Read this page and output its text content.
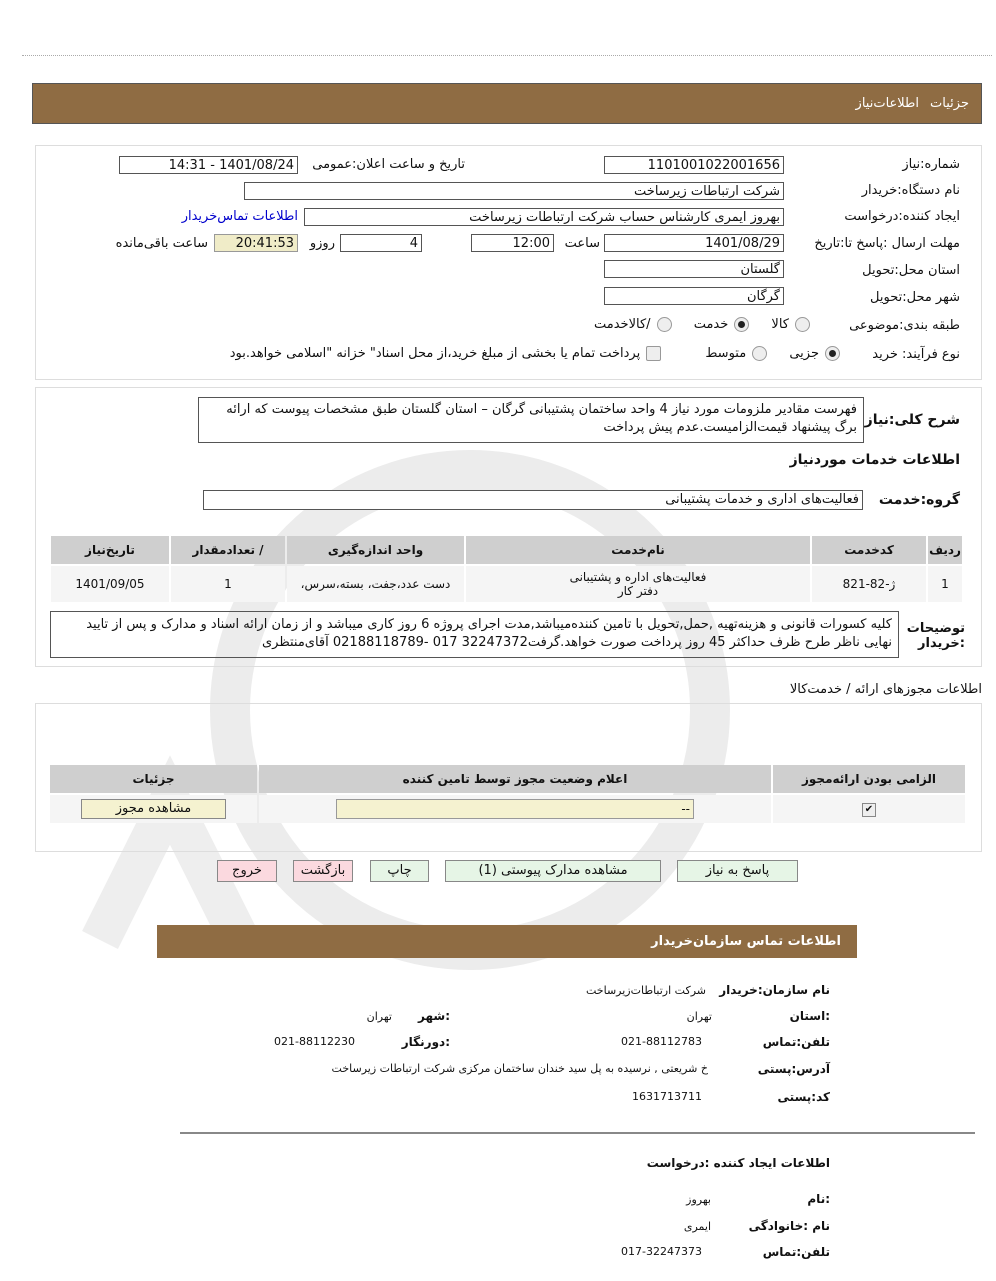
جزئیات
اطلاعات‌نیاز
شماره:نیاز
1101001022001656
تاریخ و ساعت اعلان:عمومی
1401/08/24 - 14:31
نام دستگاه:خریدار
شرکت ارتباطات زیرساخت
ایجاد کننده:درخواست
بهروز ایمری کارشناس حساب شرکت ارتباطات زیرساخت
اطلاعات تماس‌خریدار
مهلت ارسال :پاسخ تا:تاریخ
1401/08/29
ساعت
12:00
4
روزو
20:41:53
ساعت باقی‌مانده
استان محل:تحویل
گلستان
شهر محل:تحویل
گرگان
طبقه بندی:موضوعی
کالا خدمت /کالاخدمت
نوع فرآیند: خرید
جزیی متوسط پرداخت تمام یا بخشی از مبلغ خرید،از محل اسناد" خزانه "اسلامی خواهد.بود
شرح کلی:نیاز
فهرست مقادیر ملزومات مورد نیاز 4 واحد ساختمان پشتیبانی گرگان – استان گلستان طبق مشخصات پیوست که ارائه برگ پیشنهاد قیمت‌الزامیست.عدم پیش پرداخت
اطلاعات خدمات موردنیاز
گروه:خدمت
فعالیت‌های اداری و خدمات پشتیبانی
ردیف	کدخدمت	نام‌خدمت	واحد اندازه‌گیری	/ تعدادمقدار	تاریخ‌نیاز
1	ژ-82-821	فعالیت‌های اداره و پشتیبانی دفتر کار	دست عدد،جفت، بسته،سرس،	1	1401/09/05
توضیحات :خریدار
کلیه کسورات قانونی و هزینه‌تهیه ,حمل,تحویل با تامین کننده‌میباشد,مدت اجرای پروژه 6 روز کاری میباشد و از زمان ارائه اسناد و مدارک و پس از تایید نهایی ناظر طرح ظرف حداکثر 45 روز پرداخت صورت خواهد.گرفت32247372 017 -02188118789 آقای‌منتظری
اطلاعات مجوزهای ارائه / خدمت‌کالا
الزامی بودن ارائه‌مجوز	اعلام وضعیت مجوز توسط تامین کننده	جزئیات
✔	--	مشاهده مجوز
پاسخ به نیاز
مشاهده مدارک پیوستی (1)
چاپ
بازگشت
خروج
اطلاعات تماس سازمان‌خریدار
نام سازمان:خریدار
شرکت ارتباطات‌زیرساخت
:استان
تهران
:شهر
تهران
تلفن:تماس
021-88112783
:دورنگار
021-88112230
آدرس:پستی
خ شریعتی , نرسیده به پل سید خندان ساختمان مرکزی شرکت ارتباطات زیرساخت
کد:پستی
1631713711
اطلاعات ایجاد کننده :درخواست
:نام
بهروز
نام :خانوادگی
ایمری
تلفن:تماس
017-32247373
